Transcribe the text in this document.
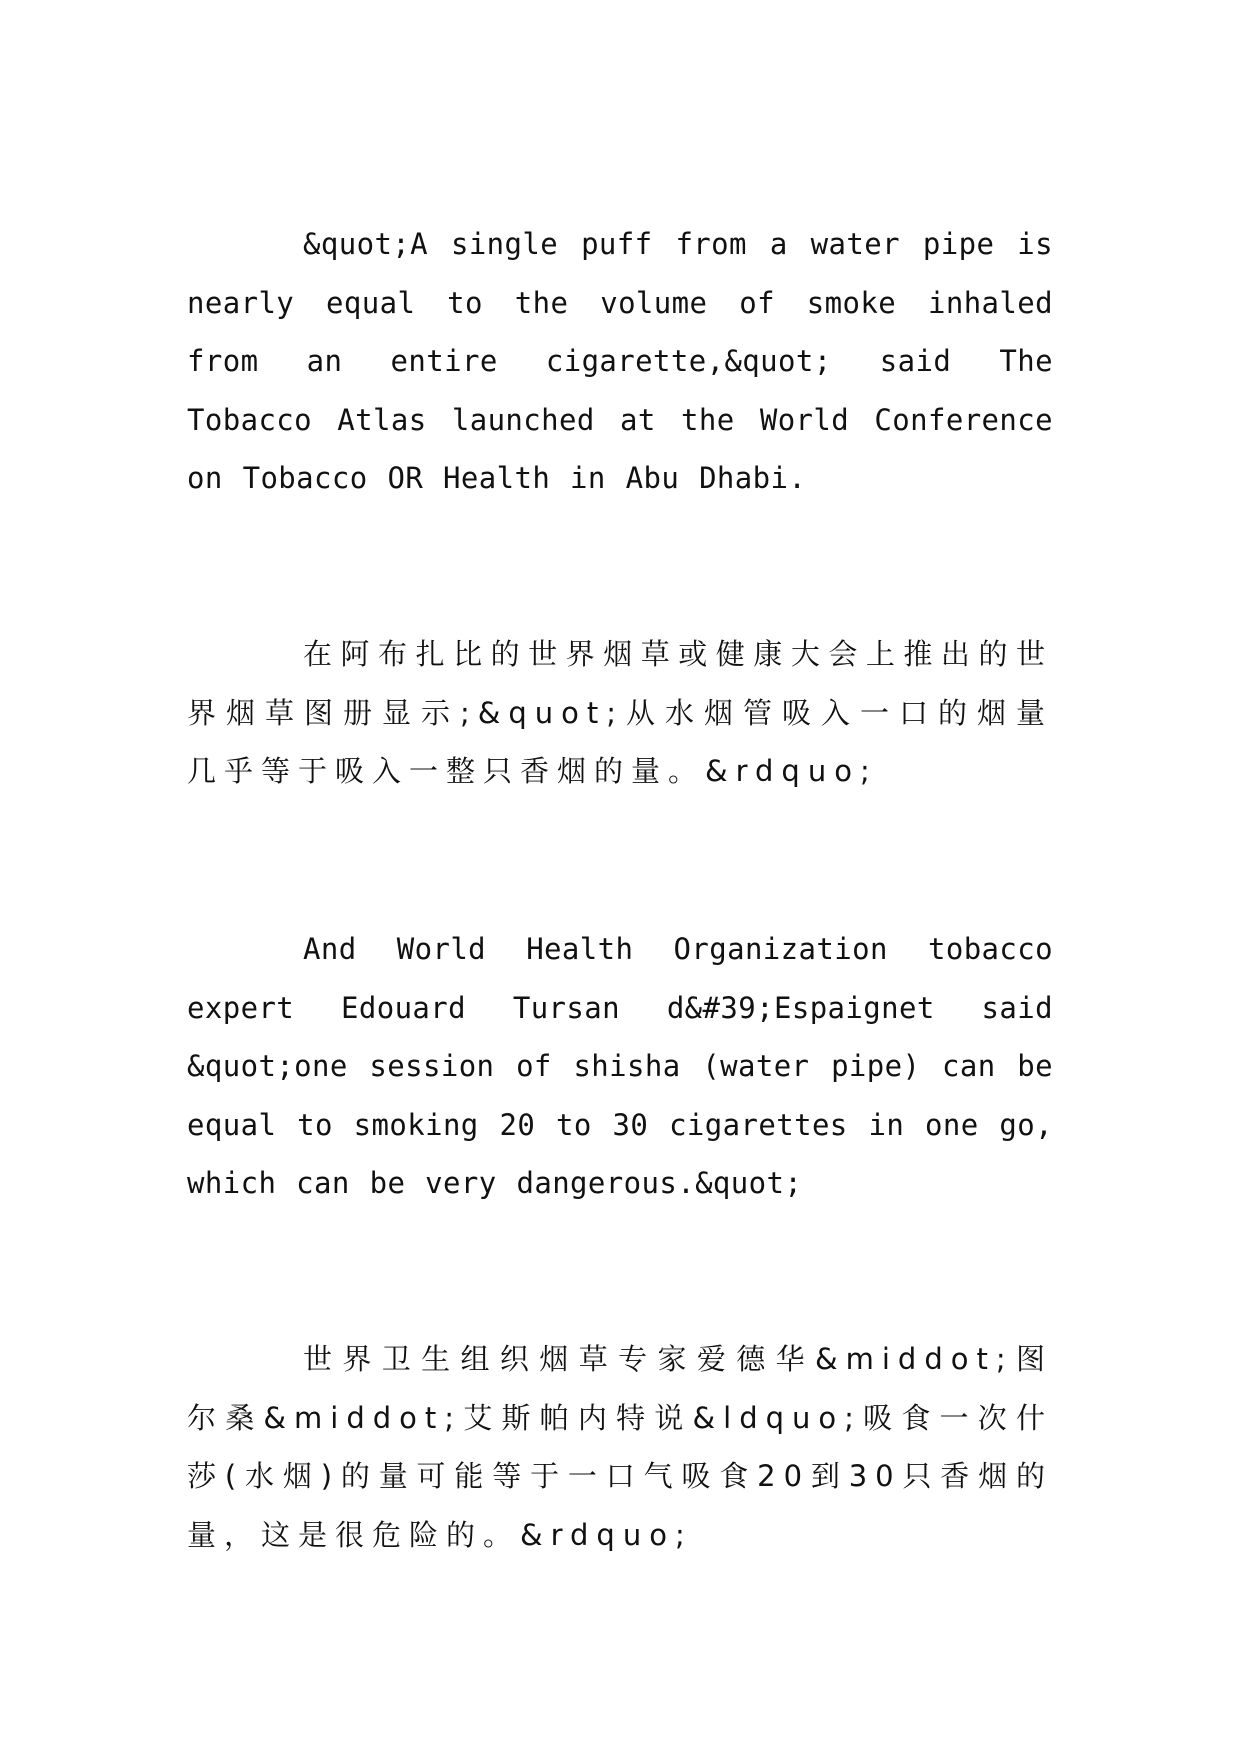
&quot;A single puff from a water pipe is nearly equal to the volume of smoke inhaled from an entire cigarette,&quot; said The Tobacco Atlas launched at the World Conference on Tobacco OR Health in Abu Dhabi.

在阿布扎比的世界烟草或健康大会上推出的世界烟草图册显示;&quot;从水烟管吸入一口的烟量几乎等于吸入一整只香烟的量。&rdquo;

And World Health Organization tobacco expert Edouard Tursan d&#39;Espaignet said &quot;one session of shisha (water pipe) can be equal to smoking 20 to 30 cigarettes in one go, which can be very dangerous.&quot;

世界卫生组织烟草专家爱德华&middot;图尔桑&middot;艾斯帕内特说&ldquo;吸食一次什莎(水烟)的量可能等于一口气吸食20到30只香烟的量，这是很危险的。&rdquo;
